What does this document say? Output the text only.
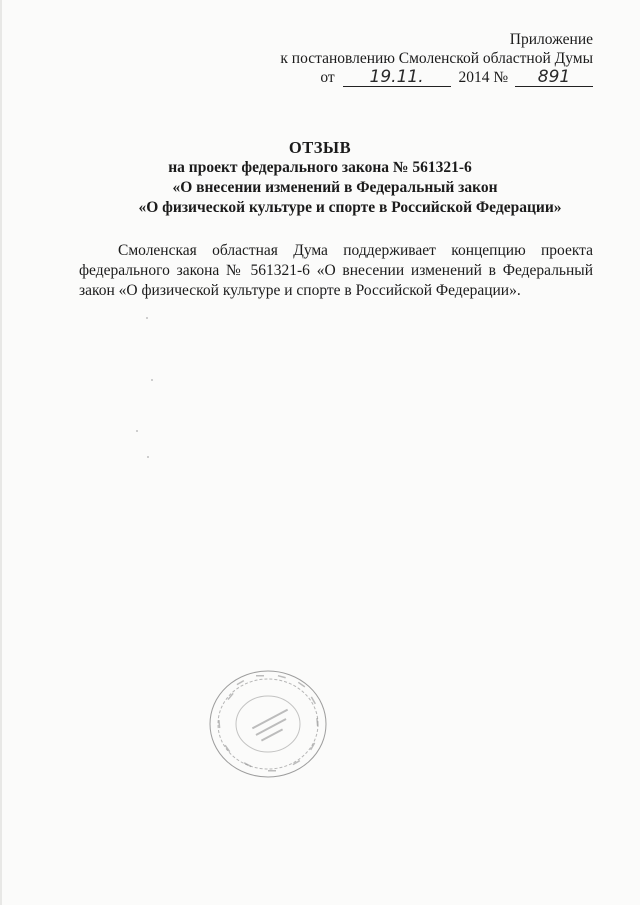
Приложение
к постановлению Смоленской областной Думы
от 19.11. 2014 № 891
ОТЗЫВ
на проект федерального закона № 561321-6
«О внесении изменений в Федеральный закон
«О физической культуре и спорте в Российской Федерации»
Смоленская областная Дума поддерживает концепцию проекта федерального закона № 561321-6 «О внесении изменений в Федеральный закон «О физической культуре и спорте в Российской Федерации».
